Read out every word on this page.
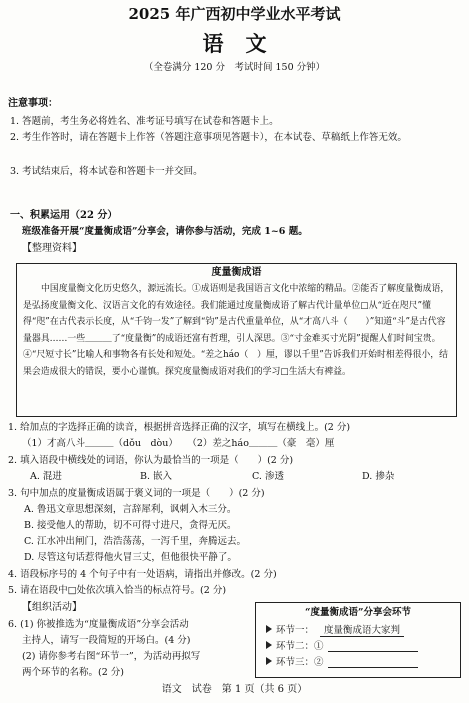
2025 年广西初中学业水平考试
语文
（全卷满分 120 分　考试时间 150 分钟）
注意事项：
1. 答题前，考生务必将姓名、准考证号填写在试卷和答题卡上。
2. 考生作答时，请在答题卡上作答（答题注意事项见答题卡），在本试卷、草稿纸上作答无效。
3. 考试结束后，将本试卷和答题卡一并交回。
一、积累运用（22 分）
班级准备开展“度量衡成语”分享会，请你参与活动，完成 1~6 题。
【整理资料】
度量衡成语
中国度量衡文化历史悠久，源远流长。①成语则是我国语言文化中浓缩的精品。②能否了解度量衡成语，是弘扬度量衡文化、汉语言文化的有效途径。我们能通过度量衡成语了解古代计量单位□从“近在咫尺”懂得“咫”在古代表示长度，从“千钧一发”了解到“钧”是古代重量单位，从“才高八斗（　　）”知道“斗”是古代容量器具……一些＿＿＿了“度量衡”的成语还富有哲理，引人深思。③“寸金难买寸光阴”提醒人们时间宝贵。④“尺短寸长”比喻人和事物各有长处和短处。“差之háo（　）厘，谬以千里”告诉我们开始时相差得很小，结果会造成很大的错误，要小心谨慎。探究度量衡成语对我们的学习□生活大有裨益。
1. 给加点的字选择正确的读音，根据拼音选择正确的汉字，填写在横线上。(2 分)
（1）才高八斗＿＿＿（dǒu　dòu）　　（2）差之háo＿＿＿（豪　毫）厘
2. 填入语段中横线处的词语，你认为最恰当的一项是（　　）(2 分)
A. 混进	B. 嵌入	C. 渗透	D. 掺杂
3. 句中加点的度量衡成语属于褒义词的一项是（　　）(2 分)
A. 鲁迅文章思想深刻，言辞犀利，讽刺入木三分。
B. 接受他人的帮助，切不可得寸进尺，贪得无厌。
C. 江水冲出闸门，浩浩荡荡，一泻千里，奔腾远去。
D. 尽管这句话惹得他火冒三丈，但他很快平静了。
4. 语段标序号的 4 个句子中有一处语病，请指出并修改。(2 分)
5. 请在语段中□处依次填入恰当的标点符号。(2 分)
【组织活动】
6. (1) 你被推选为“度量衡成语”分享会活动
主持人，请写一段简短的开场白。(4 分)
(2) 请你参考右图“环节一”，为活动再拟写
两个环节的名称。(2 分)
“度量衡成语”分享会环节
环节一： 度量衡成语大家判
环节二：①
环节三：②
语文　试卷　第 1 页（共 6 页）
